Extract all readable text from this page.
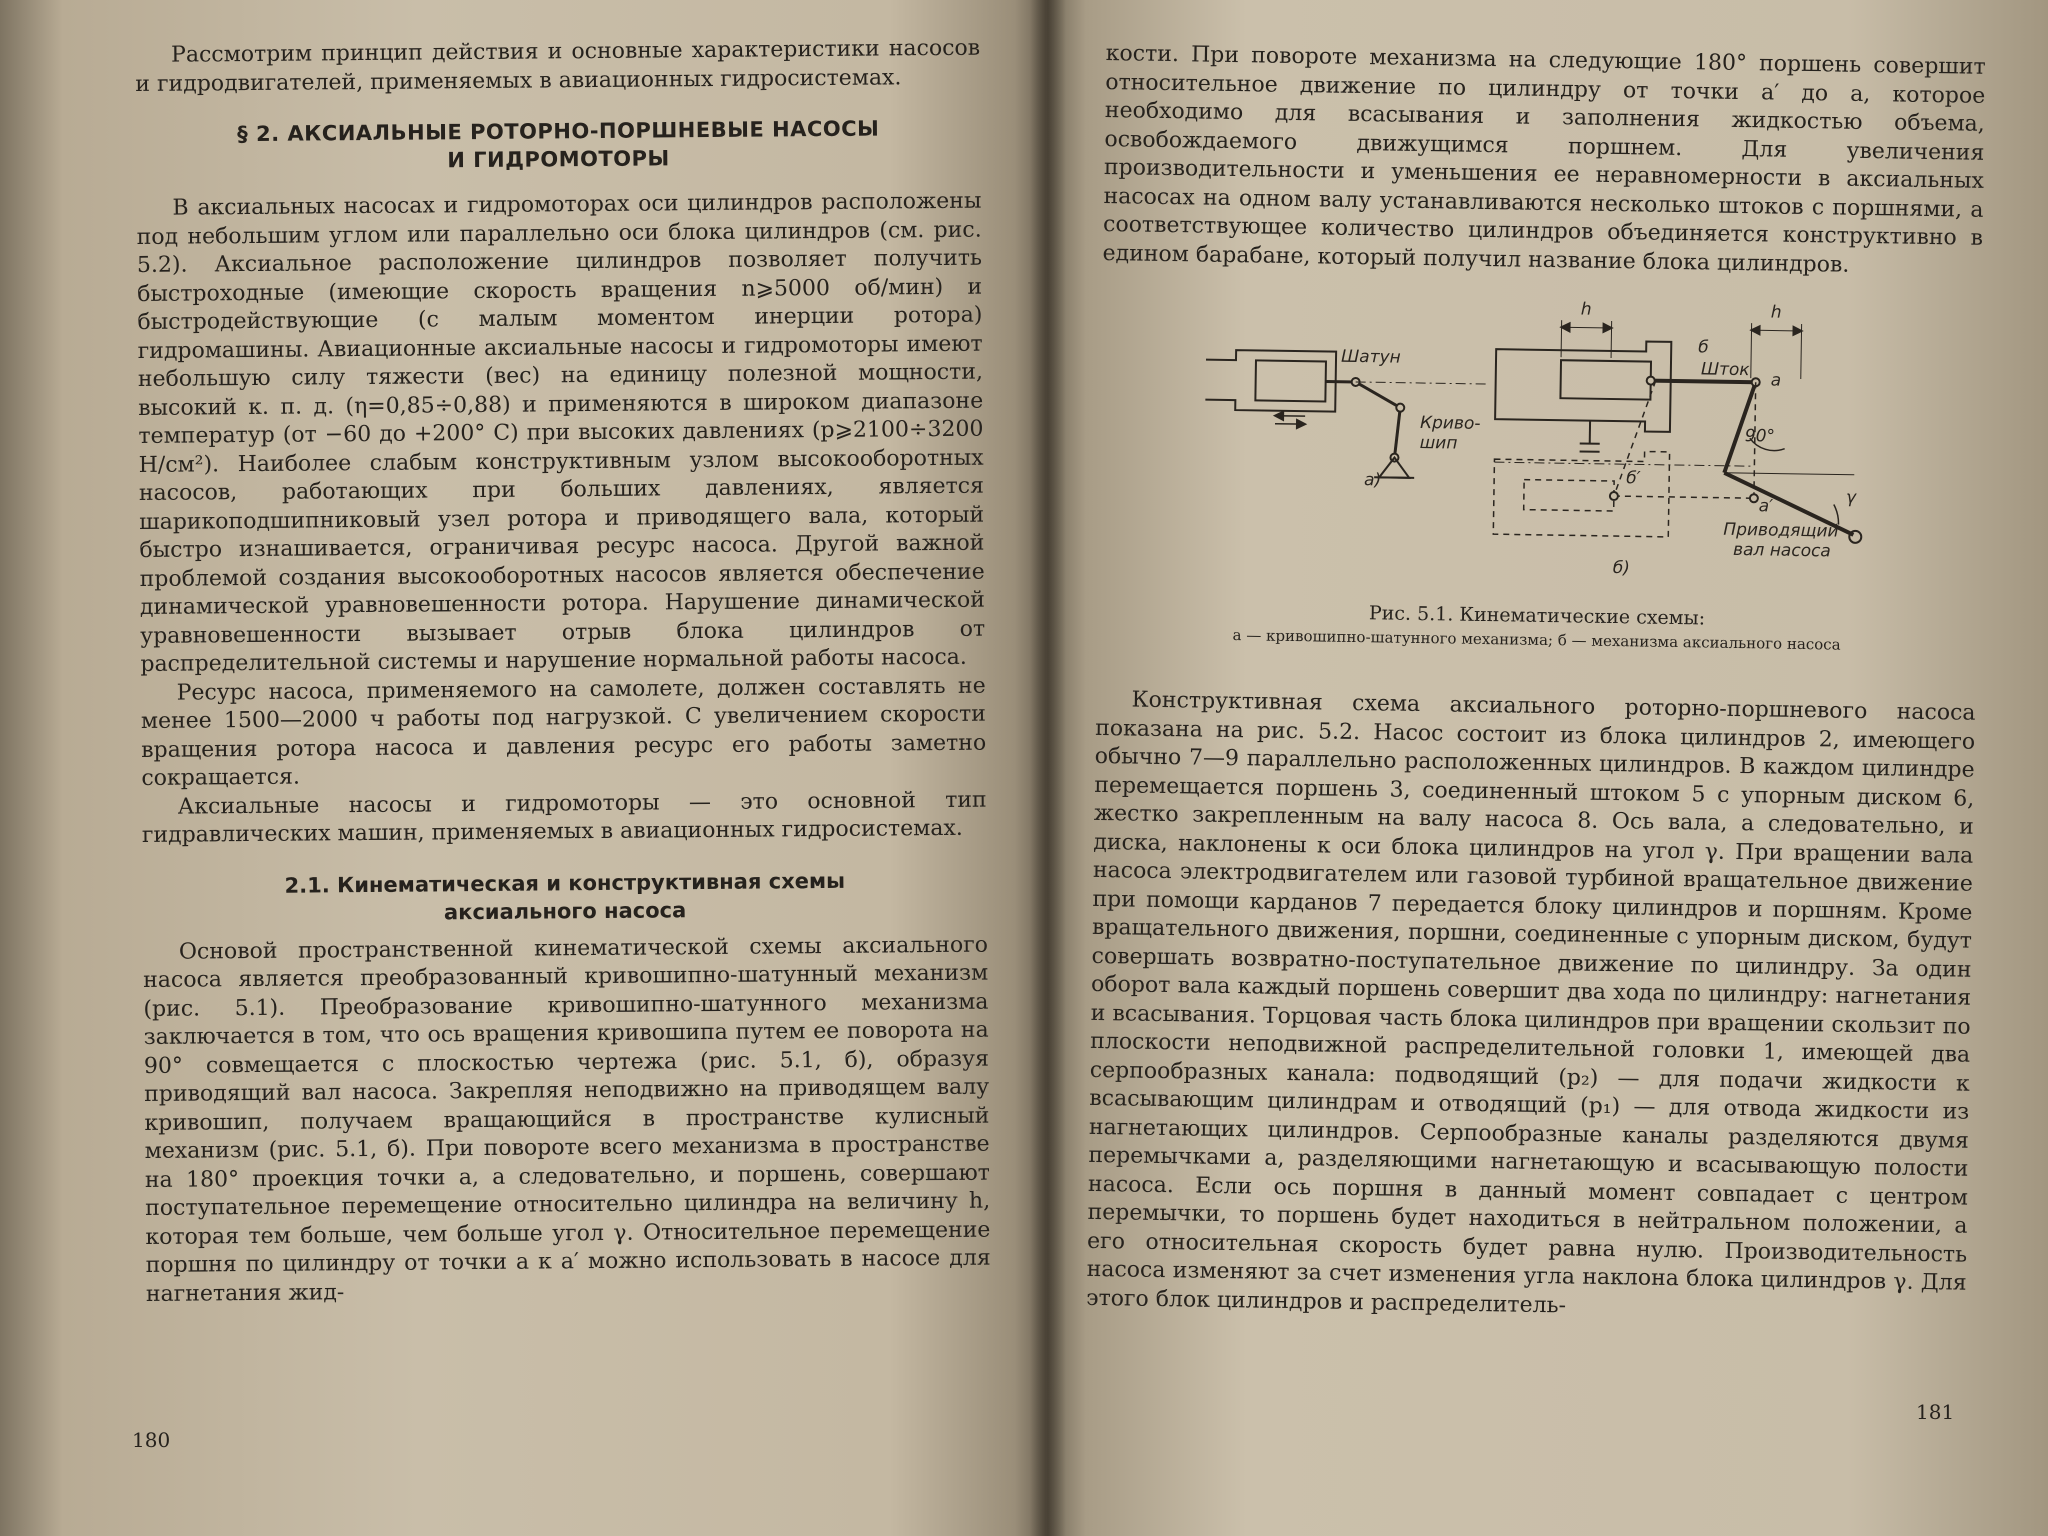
Рассмотрим принцип действия и основные характеристики насосов и гидродвигателей, применяемых в авиационных гидросистемах.

§ 2. АКСИАЛЬНЫЕ РОТОРНО-ПОРШНЕВЫЕ НАСОСЫ
И ГИДРОМОТОРЫ

В аксиальных насосах и гидромоторах оси цилиндров расположены под небольшим углом или параллельно оси блока цилиндров (см. рис. 5.2). Аксиальное расположение цилиндров позволяет получить быстроходные (имеющие скорость вращения n⩾5000 об/мин) и быстродействующие (с малым моментом инерции ротора) гидромашины. Авиационные аксиальные насосы и гидромоторы имеют небольшую силу тяжести (вес) на единицу полезной мощности, высокий к. п. д. (η=0,85÷0,88) и применяются в широком диапазоне температур (от −60 до +200° С) при высоких давлениях (p⩾2100÷3200 Н/см²). Наиболее слабым конструктивным узлом высокооборотных насосов, работающих при больших давлениях, является шарикоподшипниковый узел ротора и приводящего вала, который быстро изнашивается, ограничивая ресурс насоса. Другой важной проблемой создания высокооборотных насосов является обеспечение динамической уравновешенности ротора. Нарушение динамической уравновешенности вызывает отрыв блока цилиндров от распределительной системы и нарушение нормальной работы насоса.

Ресурс насоса, применяемого на самолете, должен составлять не менее 1500—2000 ч работы под нагрузкой. С увеличением скорости вращения ротора насоса и давления ресурс его работы заметно сокращается.

Аксиальные насосы и гидромоторы — это основной тип гидравлических машин, применяемых в авиационных гидросистемах.

2.1. Кинематическая и конструктивная схемы
аксиального насоса

Основой пространственной кинематической схемы аксиального насоса является преобразованный кривошипно-шатунный механизм (рис. 5.1). Преобразование кривошипно-шатунного механизма заключается в том, что ось вращения кривошипа путем ее поворота на 90° совмещается с плоскостью чертежа (рис. 5.1, б), образуя приводящий вал насоса. Закрепляя неподвижно на приводящем валу кривошип, получаем вращающийся в пространстве кулисный механизм (рис. 5.1, б). При повороте всего механизма в пространстве на 180° проекция точки a, а следовательно, и поршень, совершают поступательное перемещение относительно цилиндра на величину h, которая тем больше, чем больше угол γ. Относительное перемещение поршня по цилиндру от точки a к a′ можно использовать в насосе для нагнетания жид-

180

кости. При повороте механизма на следующие 180° поршень совершит относительное движение по цилиндру от точки a′ до a, которое необходимо для всасывания и заполнения жидкостью объема, освобождаемого движущимся поршнем. Для увеличения производительности и уменьшения ее неравномерности в аксиальных насосах на одном валу устанавливаются несколько штоков с поршнями, а соответствующее количество цилиндров объединяется конструктивно в едином барабане, который получил название блока цилиндров.

Шатун
Криво-
шип
а)
h	h
б
Шток
а
90°
γ
б′
а′
Приводящий
вал насоса
б)
Рис. 5.1. Кинематические схемы:
а — кривошипно-шатунного механизма; б — механизма аксиального насоса

Конструктивная схема аксиального роторно-поршневого насоса показана на рис. 5.2. Насос состоит из блока цилиндров 2, имеющего обычно 7—9 параллельно расположенных цилиндров. В каждом цилиндре перемещается поршень 3, соединенный штоком 5 с упорным диском 6, жестко закрепленным на валу насоса 8. Ось вала, а следовательно, и диска, наклонены к оси блока цилиндров на угол γ. При вращении вала насоса электродвигателем или газовой турбиной вращательное движение при помощи карданов 7 передается блоку цилиндров и поршням. Кроме вращательного движения, поршни, соединенные с упорным диском, будут совершать возвратно-поступательное движение по цилиндру. За один оборот вала каждый поршень совершит два хода по цилиндру: нагнетания и всасывания. Торцовая часть блока цилиндров при вращении скользит по плоскости неподвижной распределительной головки 1, имеющей два серпообразных канала: подводящий (p₂) — для подачи жидкости к всасывающим цилиндрам и отводящий (p₁) — для отвода жидкости из нагнетающих цилиндров. Серпообразные каналы разделяются двумя перемычками a, разделяющими нагнетающую и всасывающую полости насоса. Если ось поршня в данный момент совпадает с центром перемычки, то поршень будет находиться в нейтральном положении, а его относительная скорость будет равна нулю. Производительность насоса изменяют за счет изменения угла наклона блока цилиндров γ. Для этого блок цилиндров и распределитель-

181
